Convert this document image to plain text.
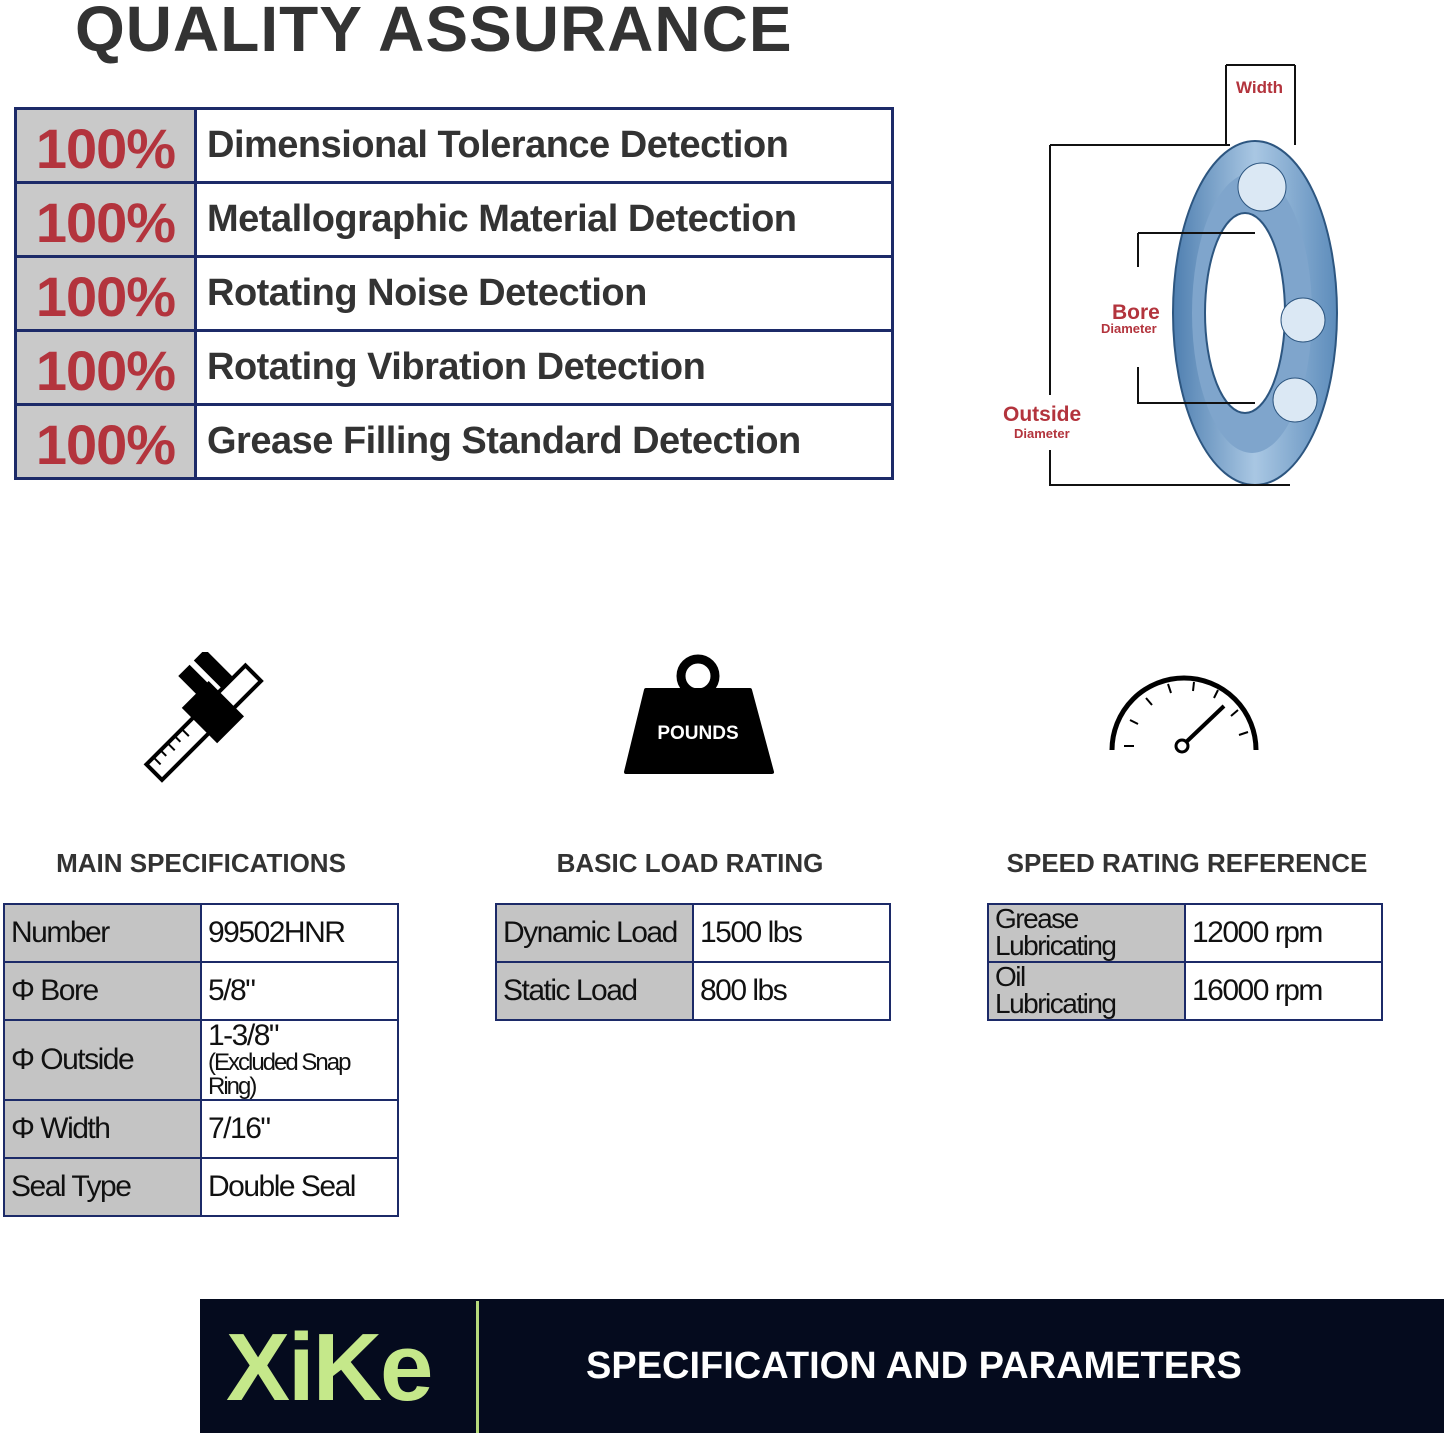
QUALITY ASSURANCE
100%	Dimensional Tolerance Detection
100%	Metallographic Material Detection
100%	Rotating Noise Detection
100%	Rotating Vibration Detection
100%	Grease Filling Standard Detection
Width
Bore
Diameter
Outside
Diameter
POUNDS
MAIN SPECIFICATIONS	BASIC LOAD RATING	SPEED RATING REFERENCE
Number	99502HNR
Φ Bore	5/8"
Φ Outside	1-3/8"
(Excluded Snap Ring)

Φ Width	7/16"
Seal Type	Double Seal
Dynamic Load	1500 lbs
Static Load	800 lbs
Grease Lubricating	12000 rpm
Oil Lubricating	16000 rpm
XiKe	SPECIFICATION AND PARAMETERS
